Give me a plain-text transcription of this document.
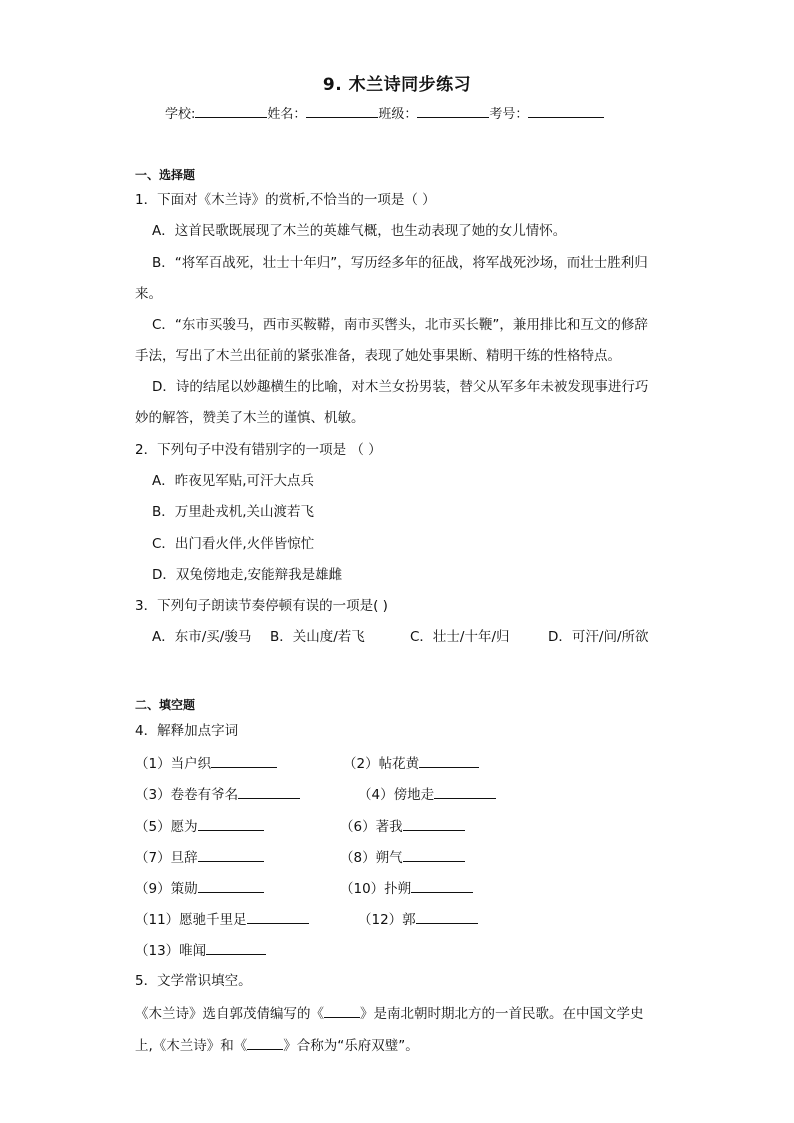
9. 木兰诗同步练习
学校:	姓名：	班级：	考号：
一、选择题
1．下面对《木兰诗》的赏析,不恰当的一项是（ ）
A．这首民歌既展现了木兰的英雄气概，也生动表现了她的女儿情怀。
B．“将军百战死，壮士十年归”，写历经多年的征战，将军战死沙场，而壮士胜利归
来。
C．“东市买骏马，西市买鞍鞯，南市买辔头，北市买长鞭”，兼用排比和互文的修辞
手法，写出了木兰出征前的紧张准备，表现了她处事果断、精明干练的性格特点。
D．诗的结尾以妙趣横生的比喻，对木兰女扮男装，替父从军多年未被发现事进行巧
妙的解答，赞美了木兰的谨慎、机敏。
2．下列句子中没有错别字的一项是 （ ）
A．昨夜见军贴,可汗大点兵
B．万里赴戎机,关山渡若飞
C．出门看火伴,火伴皆惊忙
D．双兔傍地走,安能辩我是雄雌
3．下列句子朗读节奏停顿有误的一项是( )
A．东市/买/骏马 B．关山度/若飞	C．壮士/十年/归	D．可汗/问/所欲
二、填空题
4．解释加点字词
（1）当户织	（2）帖花黄
（3）卷卷有爷名	（4）傍地走
（5）愿为	（6）著我
（7）旦辞	（8）朔气
（9）策勋	（10）扑朔
（11）愿驰千里足	（12）郭
（13）唯闻
5．文学常识填空。
《木兰诗》选自郭茂倩编写的《	》是南北朝时期北方的一首民歌。在中国文学史
上,《木兰诗》和《	》合称为“乐府双璧”。
